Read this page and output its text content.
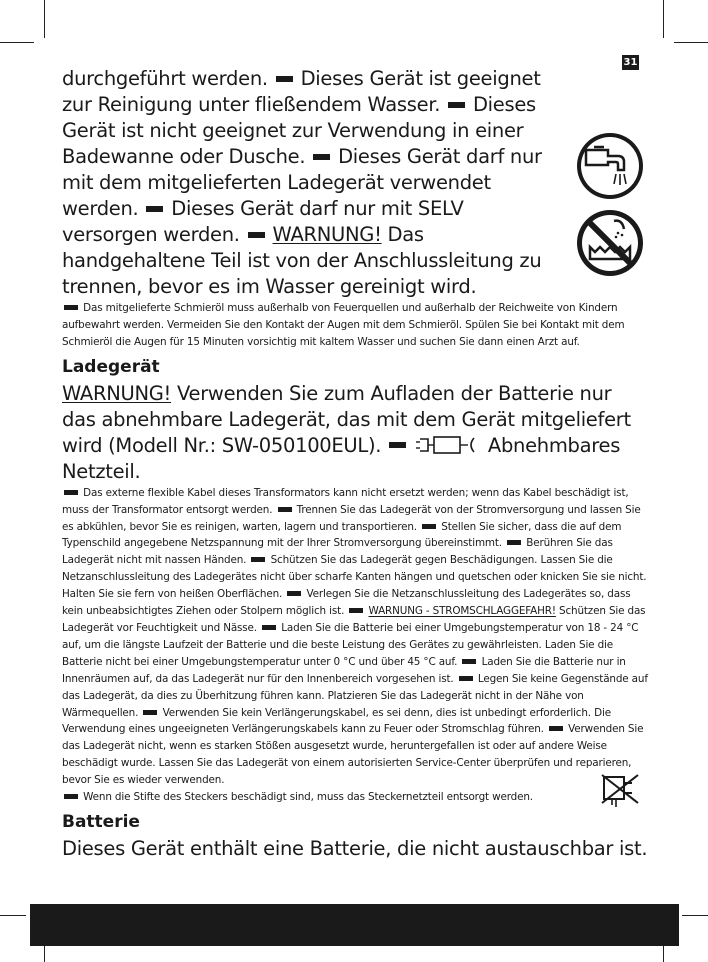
31
durchgeführt werden. Dieses Gerät ist geeignet zur Reinigung unter fließendem Wasser. Dieses Gerät ist nicht geeignet zur Verwendung in einer Badewanne oder Dusche. Dieses Gerät darf nur mit dem mitgelieferten Ladegerät verwendet werden. Dieses Gerät darf nur mit SELV versorgen werden. WARNUNG! Das handgehaltene Teil ist von der Anschlussleitung zu trennen, bevor es im Wasser gereinigt wird.
Das mitgelieferte Schmieröl muss außerhalb von Feuerquellen und außerhalb der Reichweite von Kindern aufbewahrt werden. Vermeiden Sie den Kontakt der Augen mit dem Schmieröl. Spülen Sie bei Kontakt mit dem Schmieröl die Augen für 15 Minuten vorsichtig mit kaltem Wasser und suchen Sie dann einen Arzt auf.
Ladegerät
WARNUNG! Verwenden Sie zum Aufladen der Batterie nur das abnehmbare Ladegerät, das mit dem Gerät mitgeliefert wird (Modell Nr.: SW-050100EUL).	Abnehmbares Netzteil.
Das externe flexible Kabel dieses Transformators kann nicht ersetzt werden; wenn das Kabel beschädigt ist, muss der Transformator entsorgt werden. Trennen Sie das Ladegerät von der Stromversorgung und lassen Sie es abkühlen, bevor Sie es reinigen, warten, lagern und transportieren. Stellen Sie sicher, dass die auf dem Typenschild angegebene Netzspannung mit der Ihrer Stromversorgung übereinstimmt. Berühren Sie das Ladegerät nicht mit nassen Händen. Schützen Sie das Ladegerät gegen Beschädigungen. Lassen Sie die Netzanschlussleitung des Ladegerätes nicht über scharfe Kanten hängen und quetschen oder knicken Sie sie nicht. Halten Sie sie fern von heißen Oberflächen. Verlegen Sie die Netzanschlussleitung des Ladegerätes so, dass kein unbeabsichtigtes Ziehen oder Stolpern möglich ist. WARNUNG - STROMSCHLAGGEFAHR! Schützen Sie das Ladegerät vor Feuchtigkeit und Nässe. Laden Sie die Batterie bei einer Umgebungstemperatur von 18 - 24 °C auf, um die längste Laufzeit der Batterie und die beste Leistung des Gerätes zu gewährleisten. Laden Sie die Batterie nicht bei einer Umgebungstemperatur unter 0 °C und über 45 °C auf. Laden Sie die Batterie nur in Innenräumen auf, da das Ladegerät nur für den Innenbereich vorgesehen ist. Legen Sie keine Gegenstände auf das Ladegerät, da dies zu Überhitzung führen kann. Platzieren Sie das Ladegerät nicht in der Nähe von Wärmequellen. Verwenden Sie kein Verlängerungskabel, es sei denn, dies ist unbedingt erforderlich. Die Verwendung eines ungeeigneten Verlängerungskabels kann zu Feuer oder Stromschlag führen. Verwenden Sie das Ladegerät nicht, wenn es starken Stößen ausgesetzt wurde, heruntergefallen ist oder auf andere Weise beschädigt wurde. Lassen Sie das Ladegerät von einem autorisierten Service-Center überprüfen und reparieren, bevor Sie es wieder verwenden.
Wenn die Stifte des Steckers beschädigt sind, muss das Steckernetzteil entsorgt werden.
Batterie
Dieses Gerät enthält eine Batterie, die nicht austauschbar ist.
